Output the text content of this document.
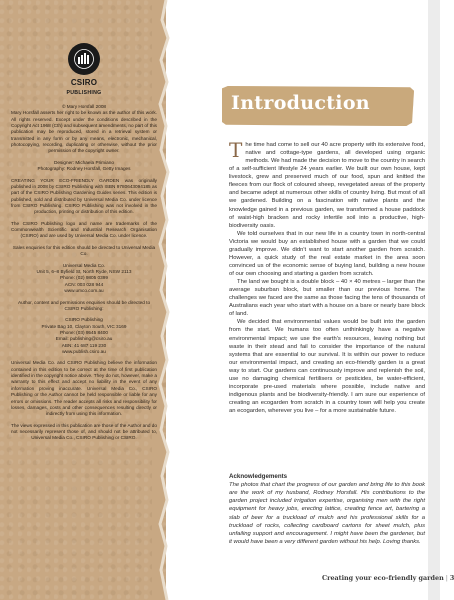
CSIRO
PUBLISHING

© Mary Horsfall 2008
Mary Horsfall asserts her right to be known as the author of this work. All rights reserved. Except under the conditions described in the Copyright Act 1968 (Cth) and subsequent amendments, no part of this publication may be reproduced, stored in a retrieval system or transmitted in any form or by any means, electronic, mechanical, photocopying, recording, duplicating or otherwise, without the prior permission of the copyright owner.

Designer: Michaela Primiano
Photography: Rodney Horsfall, Getty Images

CREATING YOUR ECO-FRIENDLY GARDEN was originally published in 2008 by CSIRO Publishing with ISBN 9780643094185 as part of the CSIRO Publishing Gardening Guides series. This edition is published, sold and distributed by Universal Media Co. under licence from CSIRO Publishing. CSIRO Publishing was not involved in the production, printing or distribution of this edition.

The CSIRO Publishing logo and name are trademarks of the Commonwealth Scientific and Industrial Research Organisation (CSIRO) and are used by Universal Media Co. under licence.

Sales enquiries for this edition should be directed to Universal Media Co.

Universal Media Co.
Unit 5, 6–8 Byfield St, North Ryde, NSW 2113
Phone: (02) 9805 0399
ACN: 003 028 944
www.umco.com.au

Author, content and permissions enquiries should be directed to CSIRO Publishing:

CSIRO Publishing
Private Bag 10, Clayton South, VIC 3169
Phone: (03) 9545 8400
Email: publishing@csiro.au
ABN: 41 687 119 230
www.publish.csiro.au

Universal Media Co. and CSIRO Publishing believe the information contained in this edition to be correct at the time of first publication identified in the copyright notice above. They do not, however, make a warranty to this effect and accept no liability in the event of any information proving inaccurate. Universal Media Co., CSIRO Publishing or the Author cannot be held responsible or liable for any errors or omissions. The reader accepts all risks and responsibility for losses, damages, costs and other consequences resulting directly or indirectly from using this information.

The views expressed in this publication are those of the Author and do not necessarily represent those of, and should not be attributed to, Universal Media Co., CSIRO Publishing or CSIRO.

Introduction

The time had come to sell our 40 acre property with its extensive food, native and cottage-type gardens, all developed using organic methods. We had made the decision to move to the country in search of a self-sufficient lifestyle 24 years earlier. We built our own house, kept livestock, grew and preserved much of our food, spun and knitted the fleeces from our flock of coloured sheep, revegetated areas of the property and became adept at numerous other skills of country living. But most of all we gardened. Building on a fascination with native plants and the knowledge gained in a previous garden, we transformed a house paddock of waist-high bracken and rocky infertile soil into a productive, high-biodiversity oasis.

We told ourselves that in our new life in a country town in north-central Victoria we would buy an established house with a garden that we could gradually improve. We didn't want to start another garden from scratch. However, a quick study of the real estate market in the area soon convinced us of the economic sense of buying land, building a new house of our own choosing and starting a garden from scratch.

The land we bought is a double block – 40 × 40 metres – larger than the average suburban block, but smaller than our previous home. The challenges we faced are the same as those facing the tens of thousands of Australians each year who start with a house on a bare or nearly bare block of land.

We decided that environmental values would be built into the garden from the start. We humans too often unthinkingly have a negative environmental impact; we use the earth's resources, leaving nothing but waste in their stead and fail to consider the importance of the natural systems that are essential to our survival. It is within our power to reduce our environmental impact, and creating an eco-friendly garden is a great way to start. Our gardens can continuously improve and replenish the soil, use no damaging chemical fertilisers or pesticides, be water-efficient, incorporate pre-used materials where possible, include native and indigenous plants and be biodiversity-friendly. I am sure our experience of creating an ecogarden from scratch in a country town will help you create an ecogarden, wherever you live – for a more sustainable future.

Acknowledgements

The photos that chart the progress of our garden and bring life to this book are the work of my husband, Rodney Horsfall. His contributions to the garden project included irrigation expertise, organising men with the right equipment for heavy jobs, erecting lattice, creating fence art, bartering a slab of beer for a truckload of mulch and his professional skills for a truckload of rocks, collecting cardboard cartons for sheet mulch, plus unfailing support and encouragement. I might have been the gardener, but it would have been a very different garden without his help. Loving thanks.

Creating your eco-friendly garden | 3
